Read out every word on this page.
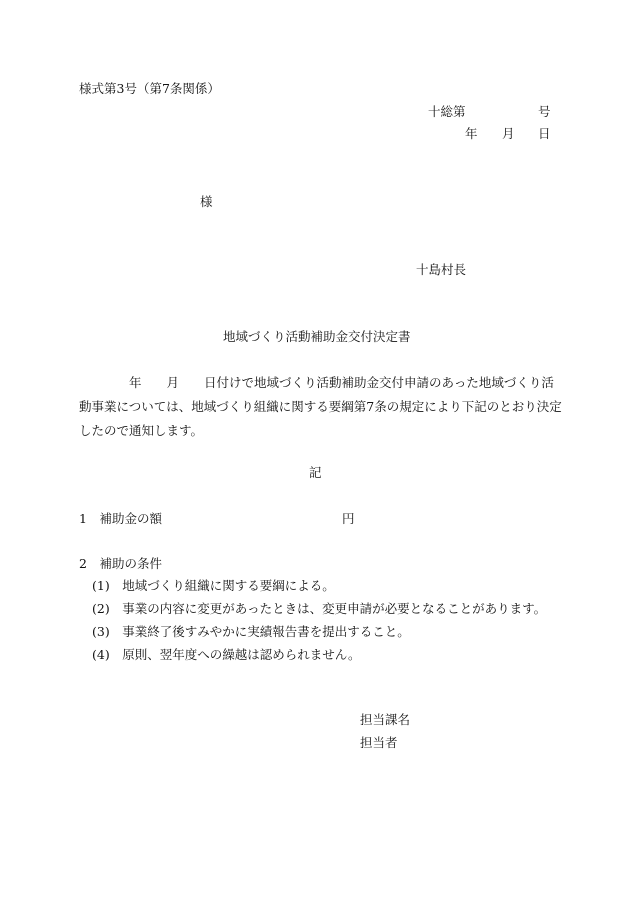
様式第3号（第7条関係）
十総第	号
年 月 日
様
十島村長
地域づくり活動補助金交付決定書
年　　月　　日付けで地域づくり活動補助金交付申請のあった地域づくり活
動事業については、地域づくり組織に関する要綱第7条の規定により下記のとおり決定
したので通知します。
記
1　補助金の額	円
2　補助の条件
(1)　地域づくり組織に関する要綱による。
(2)　事業の内容に変更があったときは、変更申請が必要となることがあります。
(3)　事業終了後すみやかに実績報告書を提出すること。
(4)　原則、翌年度への繰越は認められません。
担当課名
担当者
